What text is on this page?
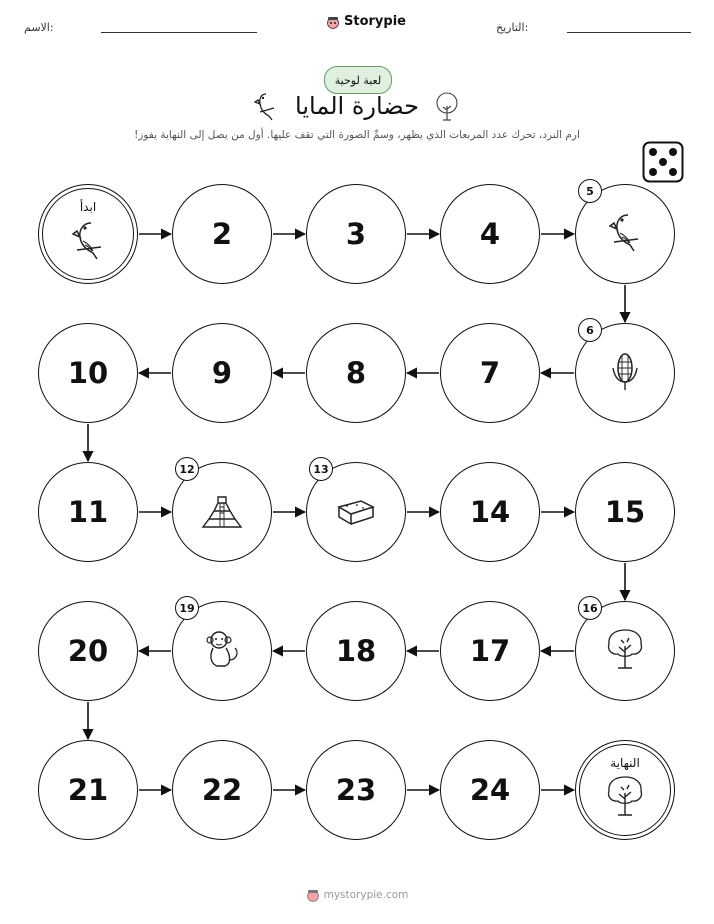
الاسم:	Storypie	التاريخ:
لعبة لوحية
حضارة المايا
ارم النرد، تحرك عدد المربعات الذي يظهر، وسمِّ الصورة التي تقف عليها. أول من يصل إلى النهاية يفوز!
ابدأ
2	3	4
5
6
7
8
9
10
11
12	13
14	15
16
17
18
19
20
21	22	23	24
النهاية
mystorypie.com
